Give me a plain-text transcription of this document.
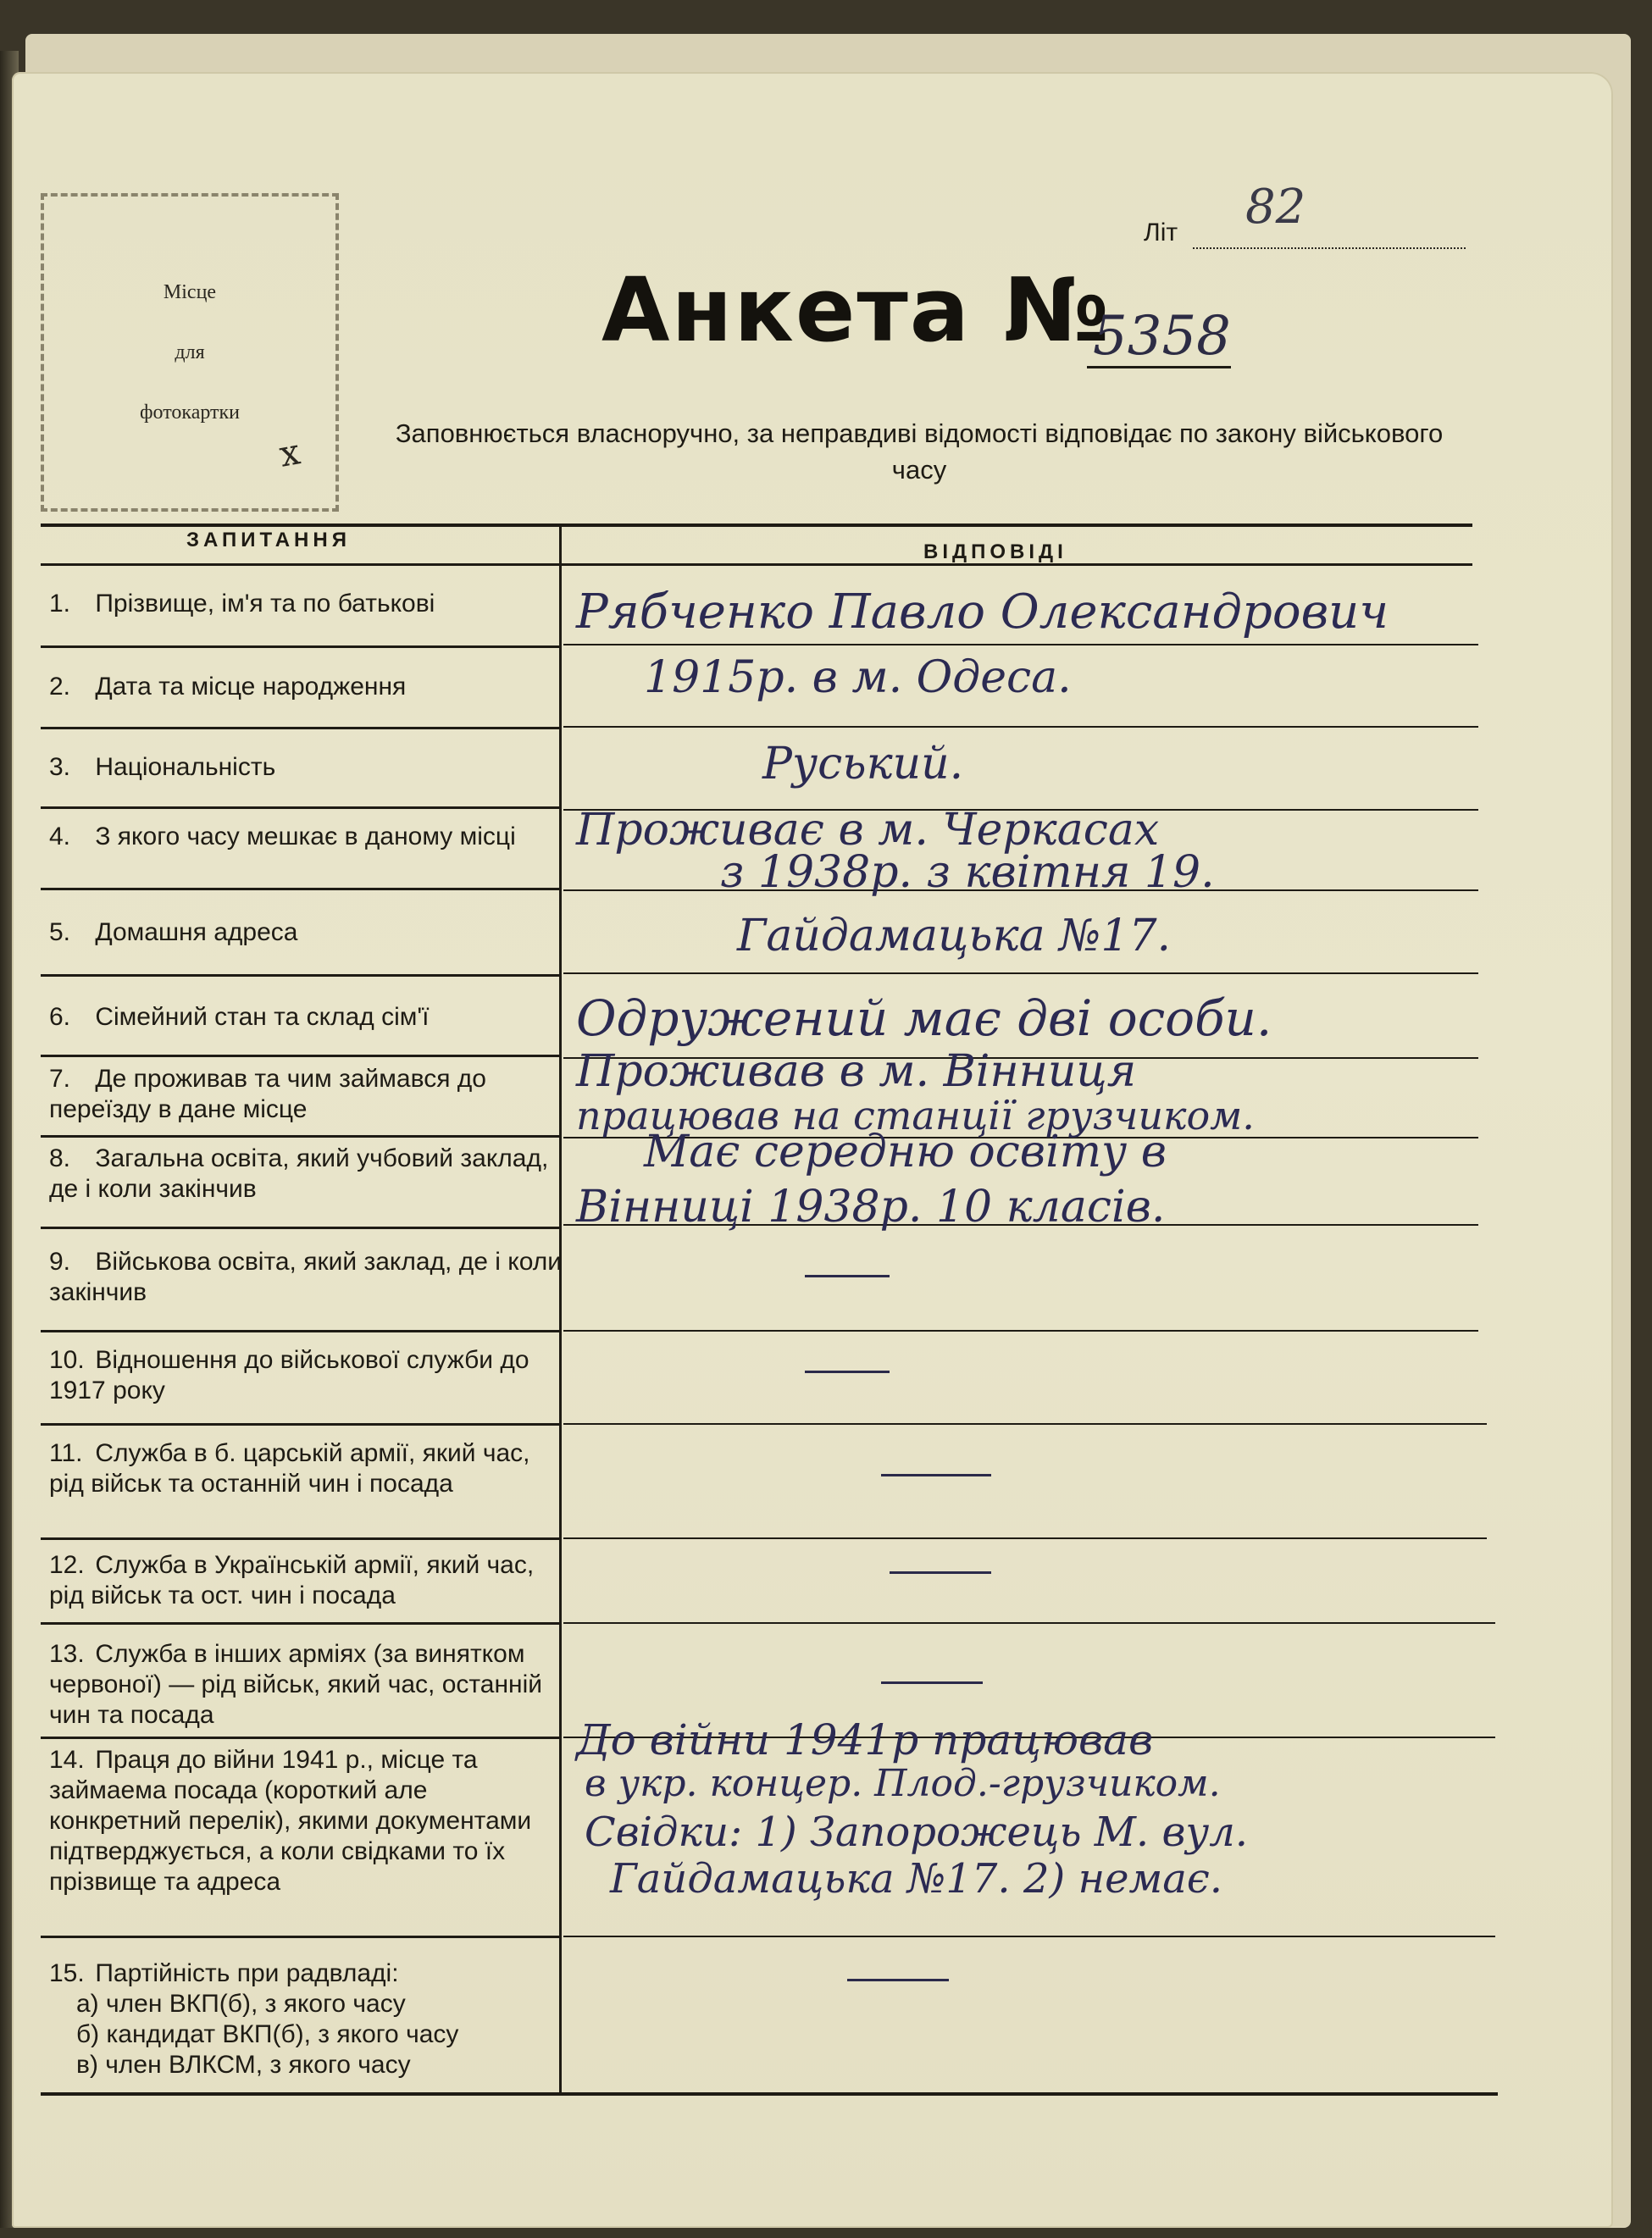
Місце
для
фотокартки
x
Літ 82
Анкета №
5358
Заповнюється власноручно, за неправдиві відомості відповідає по закону військового часу
ЗАПИТАННЯ
ВІДПОВІДІ
1. Прізвище, ім'я та по батькові
2. Дата та місце народження
3. Національність
4. З якого часу мешкає в даному місці
5. Домашня адреса
6. Сімейний стан та склад сім'ї
7. Де проживав та чим займався до переїзду в дане місце
8. Загальна освіта, який учбовий заклад, де і коли закінчив
9. Військова освіта, який заклад, де і коли закінчив
10. Відношення до військової служби до 1917 року
11. Служба в б. царській армії, який час, рід військ та останній чин і посада
12. Служба в Українській армії, який час, рід військ та ост. чин і посада
13. Служба в інших арміях (за винятком червоної) — рід військ, який час, останній чин та посада
14. Праця до війни 1941 р., місце та займаема посада (короткий але конкретний перелік), якими документами підтверджується, а коли свідками то їх прізвище та адреса
15. Партійність при радвладі:
а) член ВКП(б), з якого часу
б) кандидат ВКП(б), з якого часу
в) член ВЛКСМ, з якого часу
Рябченко Павло Олександрович
1915р. в м. Одеса.
Руський.
Проживає в м. Черкасах
з 1938р. з квітня 19.
Гайдамацька №17.
Одружений має дві особи.
Проживав в м. Вінниця
працював на станції грузчиком.
Має середню освіту в
Вінниці 1938р. 10 класів.
До війни 1941р працював
в укр. концер. Плод.-грузчиком.
Свідки: 1) Запорожець М. вул.
Гайдамацька №17. 2) немає.
